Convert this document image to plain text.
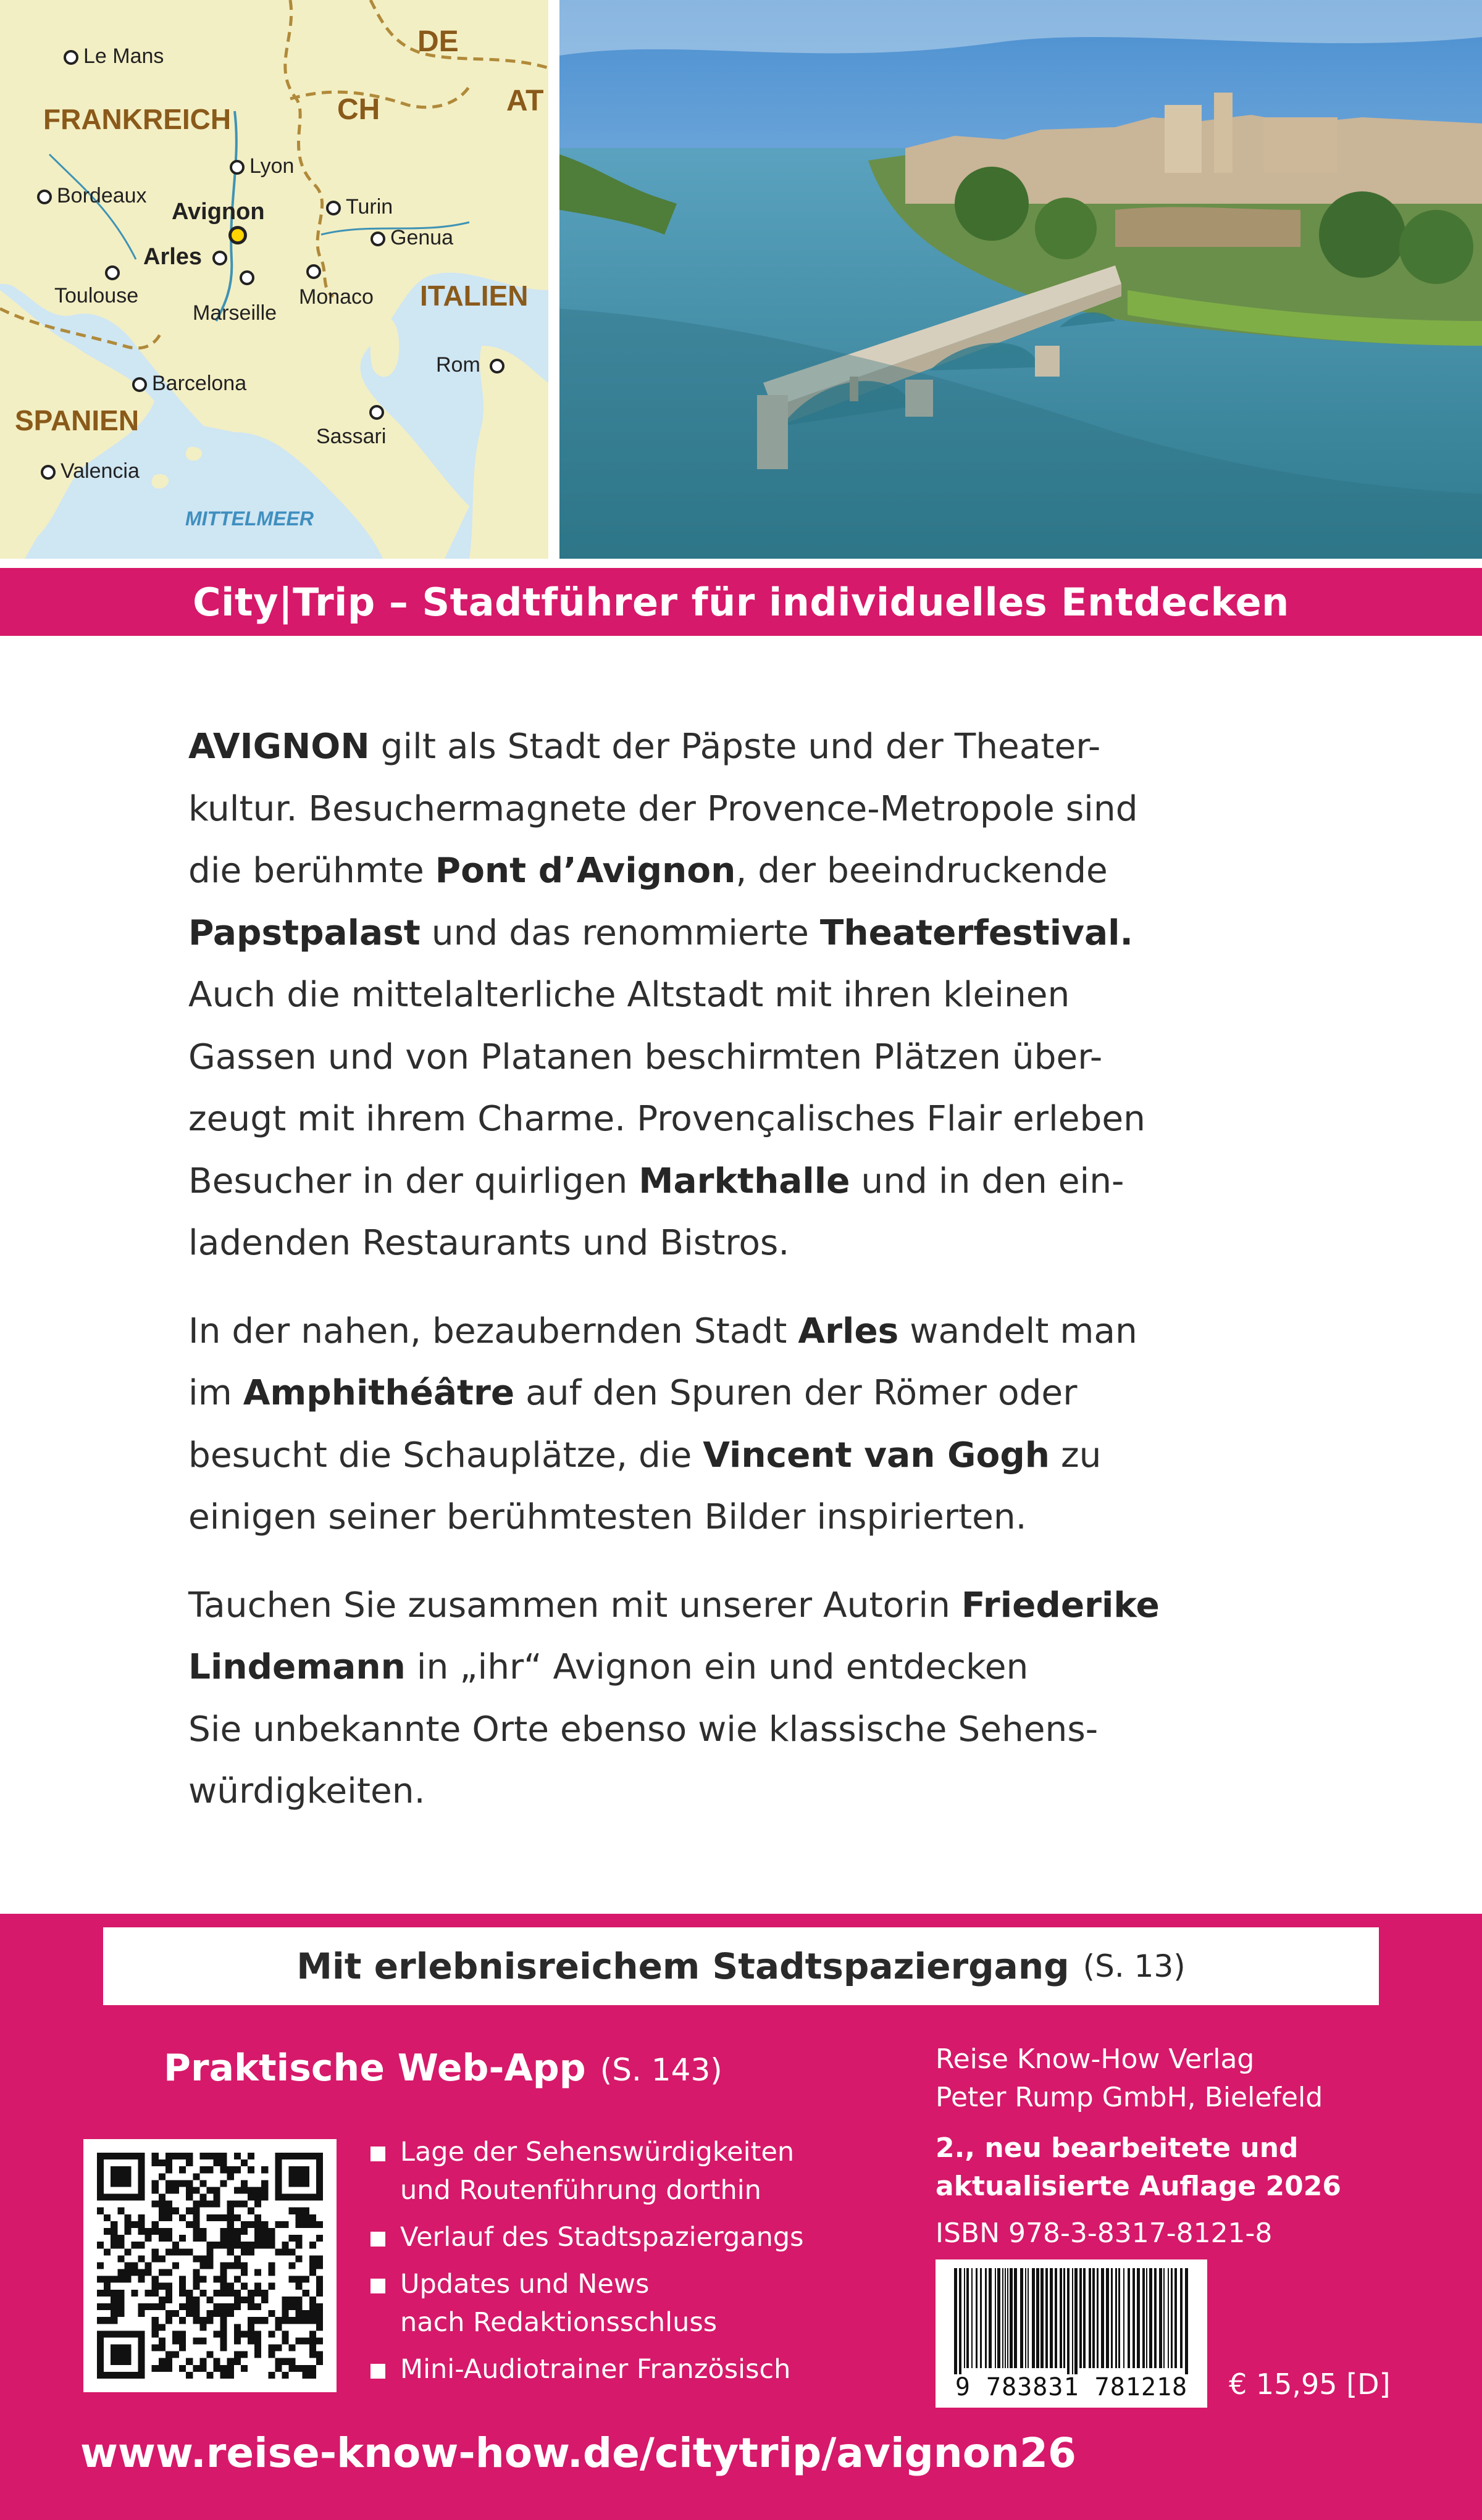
Le Mans
Lyon
Bordeaux
Avignon	Turin
Arles
Genua
Toulouse
Marseille
Monaco
Barcelona
Rom
Valencia
Sassari
FRANKREICH
DE
CH	AT
ITALIEN
SPANIEN
MITTELMEER
City|Trip – Stadtführer für individuelles Entdecken
AVIGNON gilt als Stadt der Päpste und der Theater-
kultur. Besuchermagnete der Provence-Metropole sind
die berühmte Pont d’Avignon, der beeindruckende
Papstpalast und das renommierte Theaterfestival.
Auch die mittelalterliche Altstadt mit ihren kleinen
Gassen und von Platanen beschirmten Plätzen über-
zeugt mit ihrem Charme. Provençalisches Flair erleben
Besucher in der quirligen Markthalle und in den ein-
ladenden Restaurants und Bistros.
In der nahen, bezaubernden Stadt Arles wandelt man
im Amphithéâtre auf den Spuren der Römer oder
besucht die Schauplätze, die Vincent van Gogh zu
einigen seiner berühmtesten Bilder inspirierten.
Tauchen Sie zusammen mit unserer Autorin Friederike
Lindemann in „ihr“ Avignon ein und entdecken
Sie unbekannte Orte ebenso wie klassische Sehens-
würdigkeiten.
Mit erlebnisreichem Stadtspaziergang (S. 13)
Praktische Web-App (S. 143)
Lage der Sehenswürdigkeiten
und Routenführung dorthin
Verlauf des Stadtspaziergangs
Updates und News
nach Redaktionsschluss
Mini-Audiotrainer Französisch
Reise Know-How Verlag
Peter Rump GmbH, Bielefeld
2., neu bearbeitete und
aktualisierte Auflage 2026
ISBN 978-3-8317-8121-8
9 783831 781218	€ 15,95 [D]
www.reise-know-how.de/citytrip/avignon26
